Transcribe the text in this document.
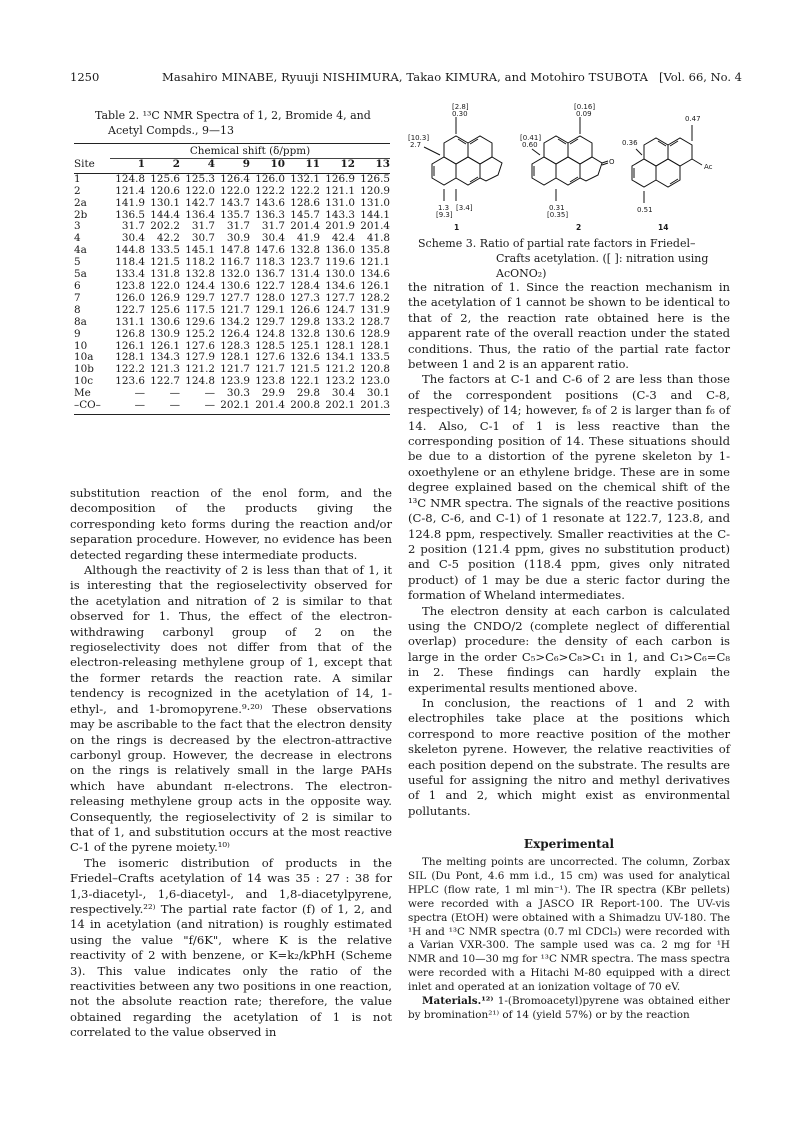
1250	Masahiro MINABE, Ryuuji NISHIMURA, Takao KIMURA, and Motohiro TSUBOTA [Vol. 66, No. 4
Table 2. ¹³C NMR Spectra of 1, 2, Bromide 4, and
Acetyl Compds., 9—13
	Chemical shift (δ/ppm)							
Site	1	2	4	9	10	11	12	13
1	124.8	125.6	125.3	126.4	126.0	132.1	126.9	126.5
2	121.4	120.6	122.0	122.0	122.2	122.2	121.1	120.9
2a	141.9	130.1	142.7	143.7	143.6	128.6	131.0	131.0
2b	136.5	144.4	136.4	135.7	136.3	145.7	143.3	144.1
3	31.7	202.2	31.7	31.7	31.7	201.4	201.9	201.4
4	30.4	42.2	30.7	30.9	30.4	41.9	42.4	41.8
4a	144.8	133.5	145.1	147.8	147.6	132.8	136.0	135.8
5	118.4	121.5	118.2	116.7	118.3	123.7	119.6	121.1
5a	133.4	131.8	132.8	132.0	136.7	131.4	130.0	134.6
6	123.8	122.0	124.4	130.6	122.7	128.4	134.6	126.1
7	126.0	126.9	129.7	127.7	128.0	127.3	127.7	128.2
8	122.7	125.6	117.5	121.7	129.1	126.6	124.7	131.9
8a	131.1	130.6	129.6	134.2	129.7	129.8	133.2	128.7
9	126.8	130.9	125.2	126.4	124.8	132.8	130.6	128.9
10	126.1	126.1	127.6	128.3	128.5	125.1	128.1	128.1
10a	128.1	134.3	127.9	128.1	127.6	132.6	134.1	133.5
10b	122.2	121.3	121.2	121.7	121.7	121.5	121.2	120.8
10c	123.6	122.7	124.8	123.9	123.8	122.1	123.2	123.0
Me	—	—	—	30.3	29.9	29.8	30.4	30.1
–CO–	—	—	—	202.1	201.4	200.8	202.1	201.3
[2.8]
0.30
[10.3]
2.7
1.3 [3.4]
[9.3]
[0.16]
0.09
[0.41]
0.60
0.31
[0.35]
O
0.36
0.47
0.51
Ac
1	2	14
Scheme 3. Ratio of partial rate factors in Friedel–
Crafts acetylation. ([ ]: nitration using AcONO₂)

substitution reaction of the enol form, and the decomposition of the products giving the corresponding keto forms during the reaction and/or separation procedure. However, no evidence has been detected regarding these intermediate products.

Although the reactivity of 2 is less than that of 1, it is interesting that the regioselectivity observed for the acetylation and nitration of 2 is similar to that observed for 1. Thus, the effect of the electron-withdrawing carbonyl group of 2 on the regioselectivity does not differ from that of the electron-releasing methylene group of 1, except that the former retards the reaction rate. A similar tendency is recognized in the acetylation of 14, 1-ethyl-, and 1-bromopyrene.⁹·²⁰⁾ These observations may be ascribable to the fact that the electron density on the rings is decreased by the electron-attractive carbonyl group. However, the decrease in electrons on the rings is relatively small in the large PAHs which have abundant π-electrons. The electron-releasing methylene group acts in the opposite way. Consequently, the regioselectivity of 2 is similar to that of 1, and substitution occurs at the most reactive C-1 of the pyrene moiety.¹⁰⁾

The isomeric distribution of products in the Friedel–Crafts acetylation of 14 was 35 : 27 : 38 for 1,3-diacetyl-, 1,6-diacetyl-, and 1,8-diacetylpyrene, respectively.²²⁾ The partial rate factor (f) of 1, 2, and 14 in acetylation (and nitration) is roughly estimated using the value "f/6K", where K is the relative reactivity of 2 with benzene, or K=k₂/kPhH (Scheme 3). This value indicates only the ratio of the reactivities between any two positions in one reaction, not the absolute reaction rate; therefore, the value obtained regarding the acetylation of 1 is not correlated to the value observed in

the nitration of 1. Since the reaction mechanism in the acetylation of 1 cannot be shown to be identical to that of 2, the reaction rate obtained here is the apparent rate of the overall reaction under the stated conditions. Thus, the ratio of the partial rate factor between 1 and 2 is an apparent ratio.

The factors at C-1 and C-6 of 2 are less than those of the correspondent positions (C-3 and C-8, respectively) of 14; however, f₈ of 2 is larger than f₆ of 14. Also, C-1 of 1 is less reactive than the corresponding position of 14. These situations should be due to a distortion of the pyrene skeleton by 1-oxoethylene or an ethylene bridge. These are in some degree explained based on the chemical shift of the ¹³C NMR spectra. The signals of the reactive positions (C-8, C-6, and C-1) of 1 resonate at 122.7, 123.8, and 124.8 ppm, respectively. Smaller reactivities at the C-2 position (121.4 ppm, gives no substitution product) and C-5 position (118.4 ppm, gives only nitrated product) of 1 may be due a steric factor during the formation of Wheland intermediates.

The electron density at each carbon is calculated using the CNDO/2 (complete neglect of differential overlap) procedure: the density of each carbon is large in the order C₅>C₆>C₈>C₁ in 1, and C₁>C₆=C₈ in 2. These findings can hardly explain the experimental results mentioned above.

In conclusion, the reactions of 1 and 2 with electrophiles take place at the positions which correspond to more reactive position of the mother skeleton pyrene. However, the relative reactivities of each position depend on the substrate. The results are useful for assigning the nitro and methyl derivatives of 1 and 2, which might exist as environmental pollutants.

Experimental

The melting points are uncorrected. The column, Zorbax SIL (Du Pont, 4.6 mm i.d., 15 cm) was used for analytical HPLC (flow rate, 1 ml min⁻¹). The IR spectra (KBr pellets) were recorded with a JASCO IR Report-100. The UV-vis spectra (EtOH) were obtained with a Shimadzu UV-180. The ¹H and ¹³C NMR spectra (0.7 ml CDCl₃) were recorded with a Varian VXR-300. The sample used was ca. 2 mg for ¹H NMR and 10—30 mg for ¹³C NMR spectra. The mass spectra were recorded with a Hitachi M-80 equipped with a direct inlet and operated at an ionization voltage of 70 eV.

Materials.¹²⁾ 1-(Bromoacetyl)pyrene was obtained either by bromination²¹⁾ of 14 (yield 57%) or by the reaction
